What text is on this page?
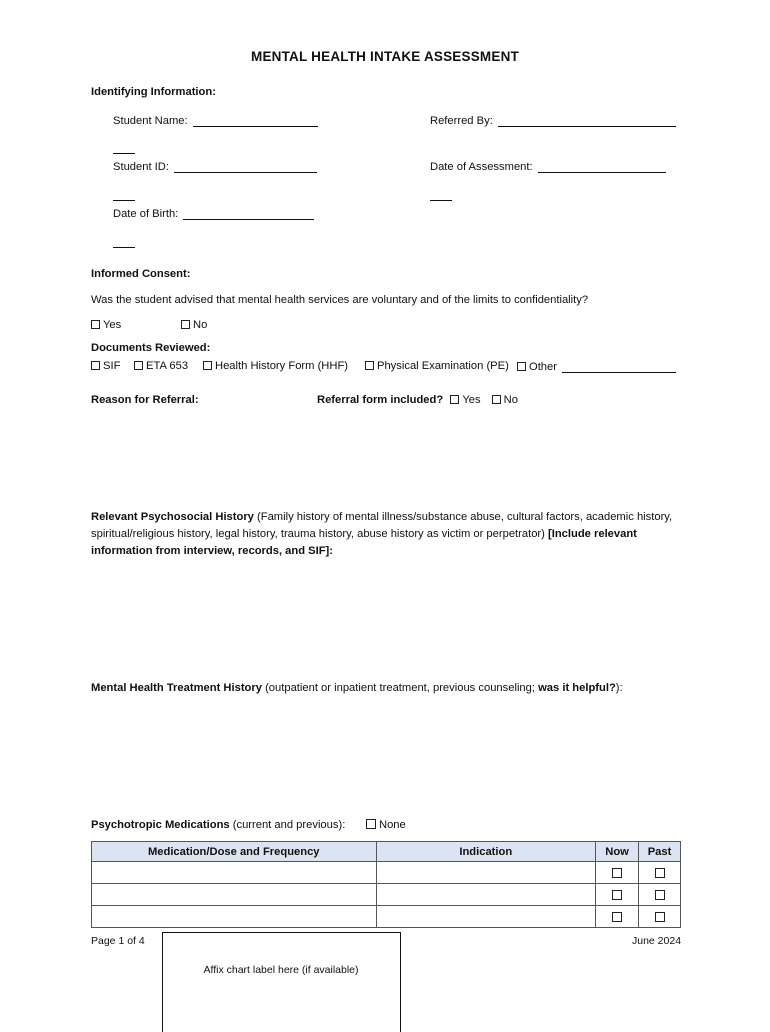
MENTAL HEALTH INTAKE ASSESSMENT
Identifying Information:
Student Name:	Referred By:
Student ID:	Date of Assessment:
Date of Birth:
Informed Consent:
Was the student advised that mental health services are voluntary and of the limits to confidentiality?
Yes	No
Documents Reviewed:
SIF	ETA 653	Health History Form (HHF)	Physical Examination (PE)	Other
Reason for Referral:	Referral form included? Yes No
Relevant Psychosocial History (Family history of mental illness/substance abuse, cultural factors, academic history, spiritual/religious history, legal history, trauma history, abuse history as victim or perpetrator) [Include relevant information from interview, records, and SIF]:
Mental Health Treatment History (outpatient or inpatient treatment, previous counseling; was it helpful?):
Psychotropic Medications (current and previous):	None
Medication/Dose and Frequency	Indication	Now	Past

Page 1 of 4	June 2024
Affix chart label here (if available)
